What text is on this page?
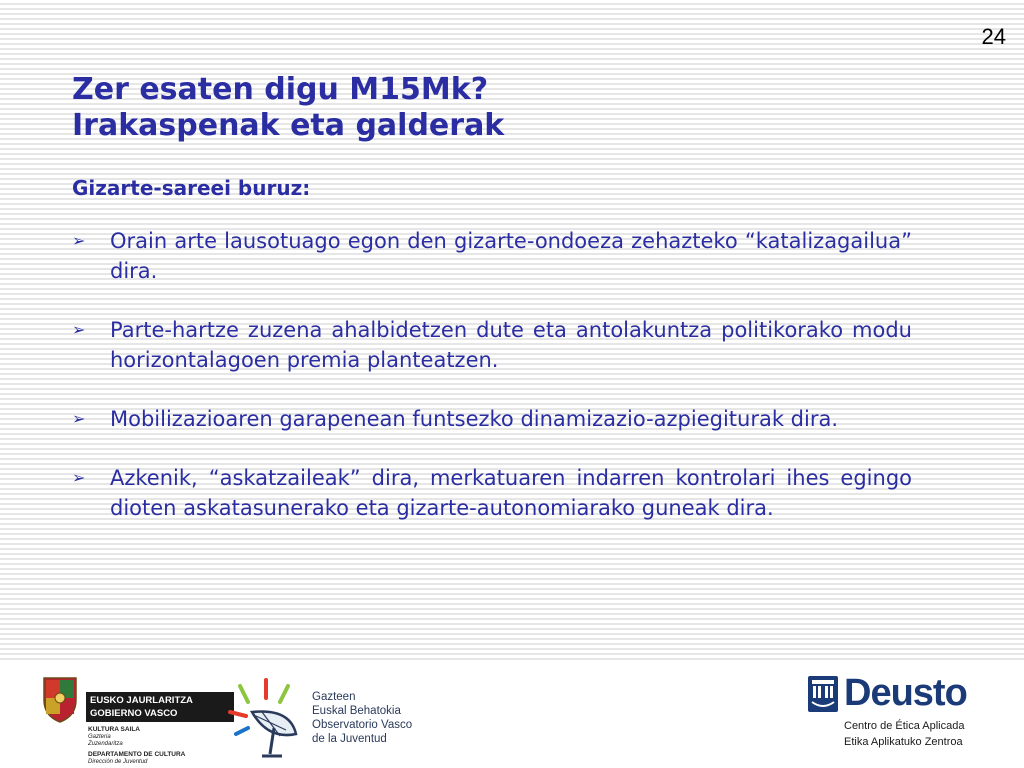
24
Zer esaten digu M15Mk?
Irakaspenak eta galderak
Gizarte-sareei buruz:
➢	Orain arte lausotuago egon den gizarte-ondoeza zehazteko “katalizagailua” dira.
➢	Parte-hartze zuzena ahalbidetzen dute eta antolakuntza politikorako modu horizontalagoen premia planteatzen.
➢	Mobilizazioaren garapenean funtsezko dinamizazio-azpiegiturak dira.
➢	Azkenik, “askatzaileak” dira, merkatuaren indarren kontrolari ihes egingo dioten askatasunerako eta gizarte-autonomiarako guneak dira.
EUSKO JAURLARITZA
GOBIERNO VASCO
KULTURA SAILA
Gazteria
Zuzendaritza
DEPARTAMENTO DE CULTURA
Dirección de Juventud
Gazteen
Euskal Behatokia
Observatorio Vasco
de la Juventud
Deusto
Centro de Ética Aplicada
Etika Aplikatuko Zentroa
